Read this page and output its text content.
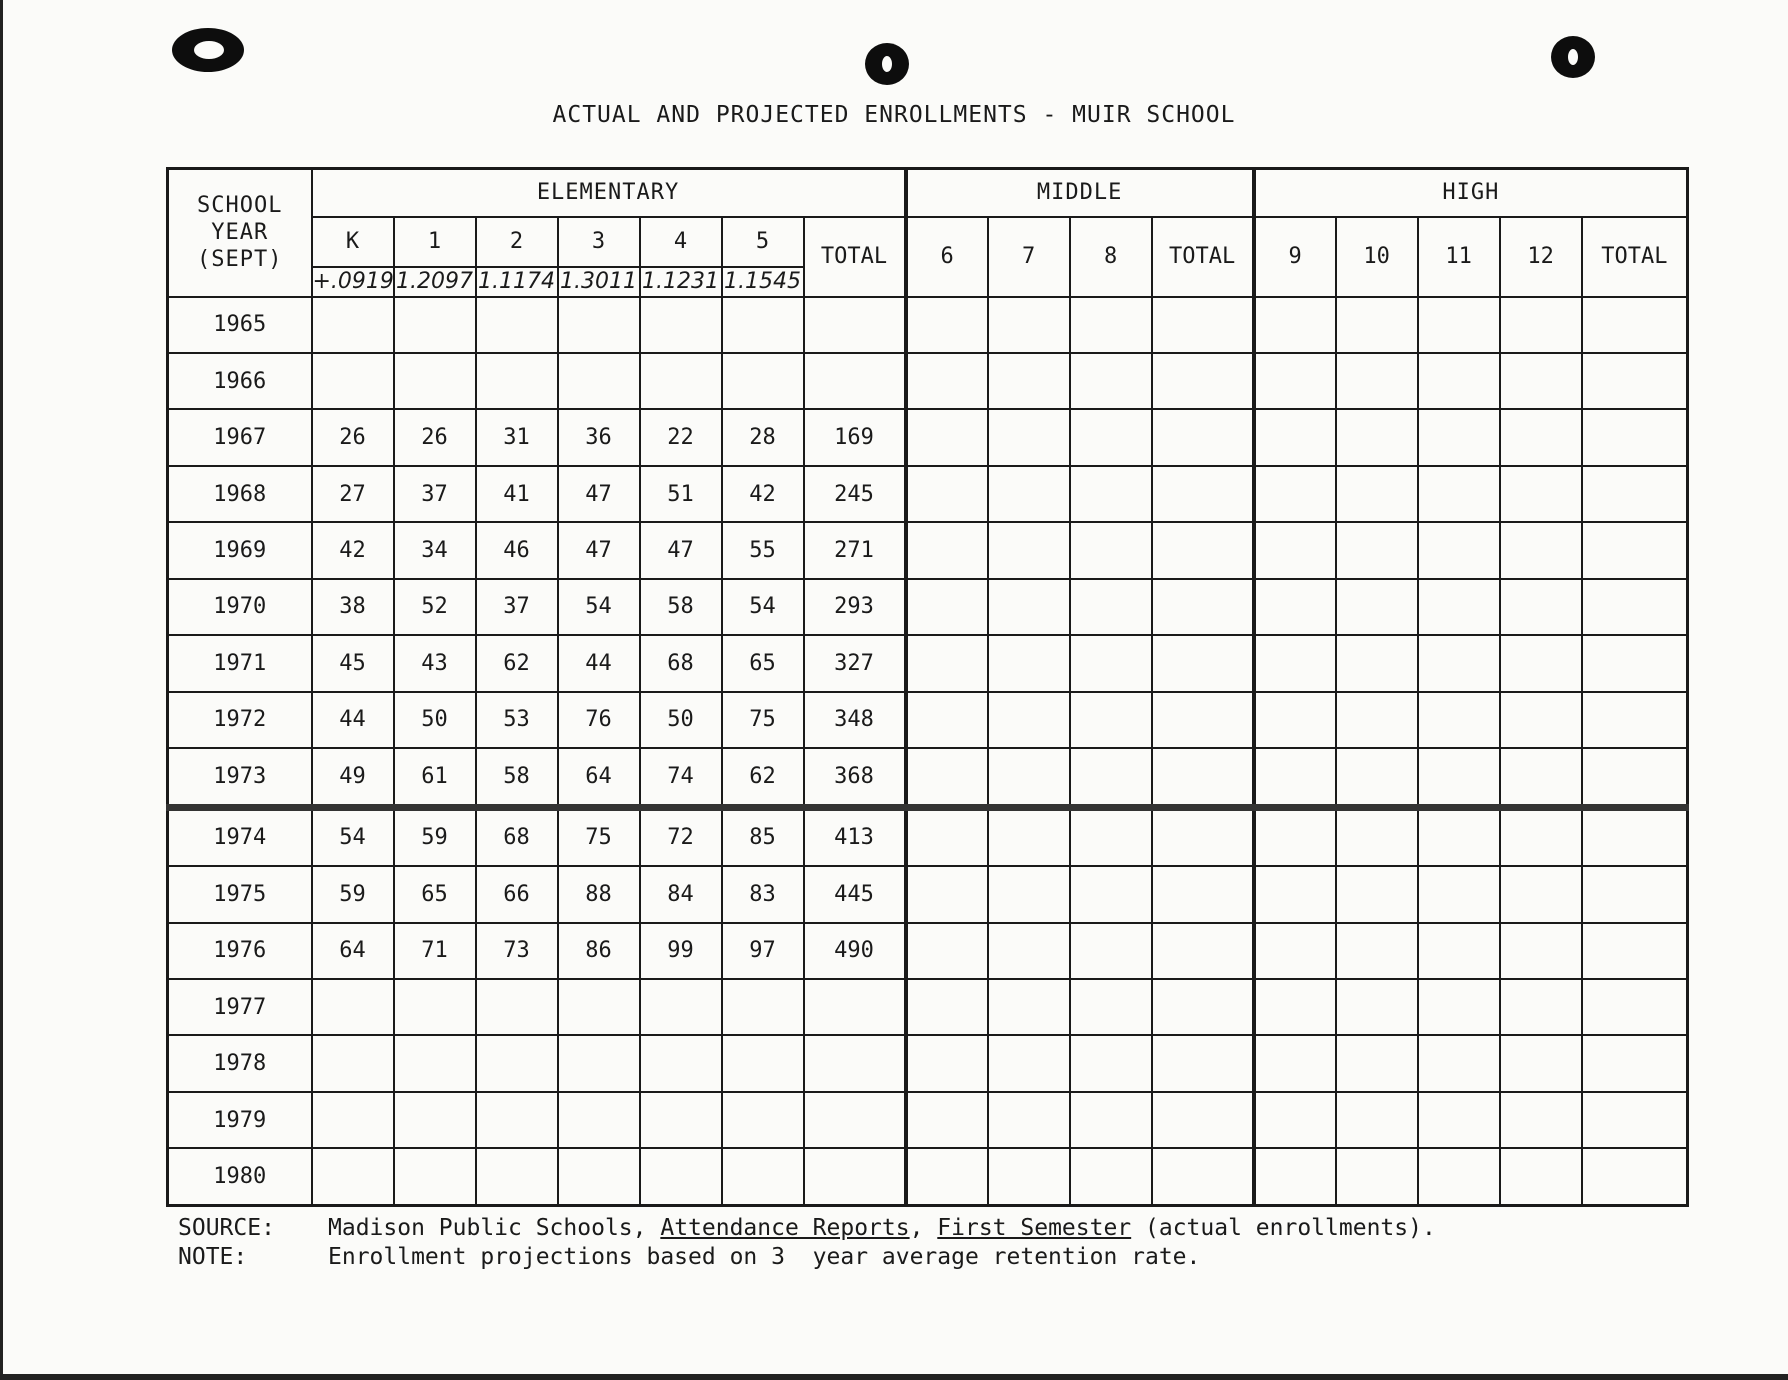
ACTUAL AND PROJECTED ENROLLMENTS - MUIR SCHOOL
SCHOOL
YEAR
(SEPT)	ELEMENTARY							MIDDLE				HIGH				
	K	1	2	3	4	5	TOTAL	6	7	8	TOTAL	9	10	11	12	TOTAL
	+.0919	1.2097	1.1174	1.3011	1.1231	1.1545										
1965																
1966																
1967	26	26	31	36	22	28	169									
1968	27	37	41	47	51	42	245									
1969	42	34	46	47	47	55	271									
1970	38	52	37	54	58	54	293									
1971	45	43	62	44	68	65	327									
1972	44	50	53	76	50	75	348									
1973	49	61	58	64	74	62	368									
1974	54	59	68	75	72	85	413									
1975	59	65	66	88	84	83	445									
1976	64	71	73	86	99	97	490									
1977																
1978																
1979																
1980																
SOURCE: Madison Public Schools, Attendance Reports, First Semester (actual enrollments).
NOTE:	Enrollment projections based on 3  year average retention rate.
